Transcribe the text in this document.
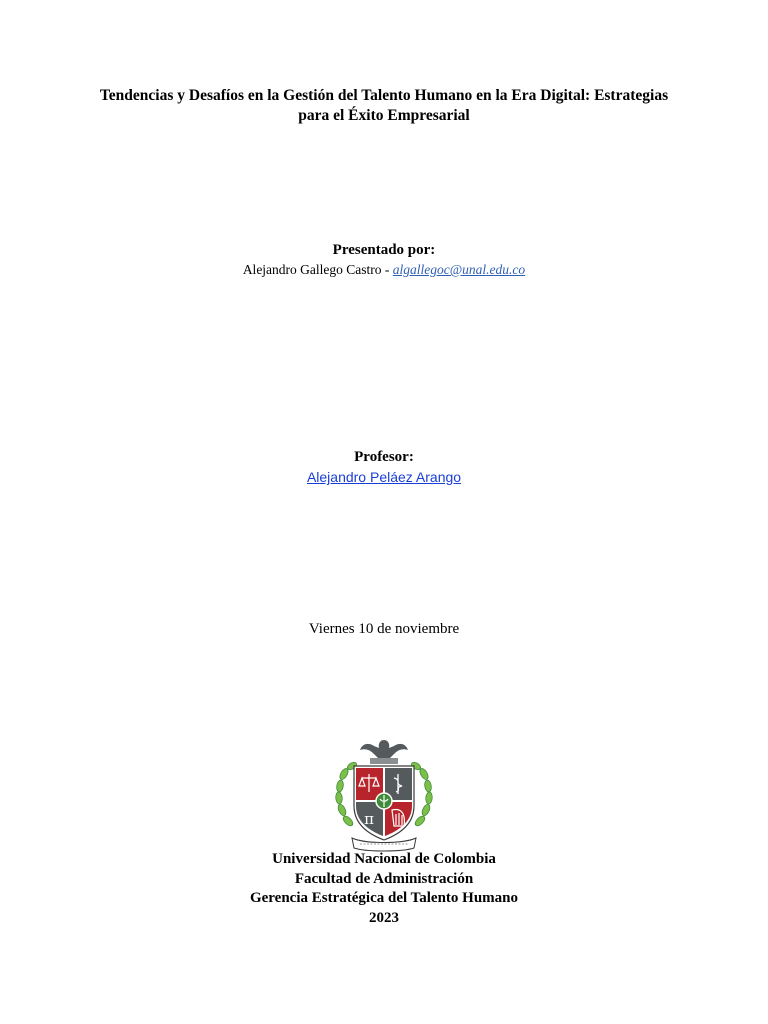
Tendencias y Desafíos en la Gestión del Talento Humano en la Era Digital: Estrategias
para el Éxito Empresarial
Presentado por:
Alejandro Gallego Castro - algallegoc@unal.edu.co
Profesor:
Alejandro Peláez Arango
Viernes 10 de noviembre
π
Universidad Nacional de Colombia
Facultad de Administración
Gerencia Estratégica del Talento Humano
2023
